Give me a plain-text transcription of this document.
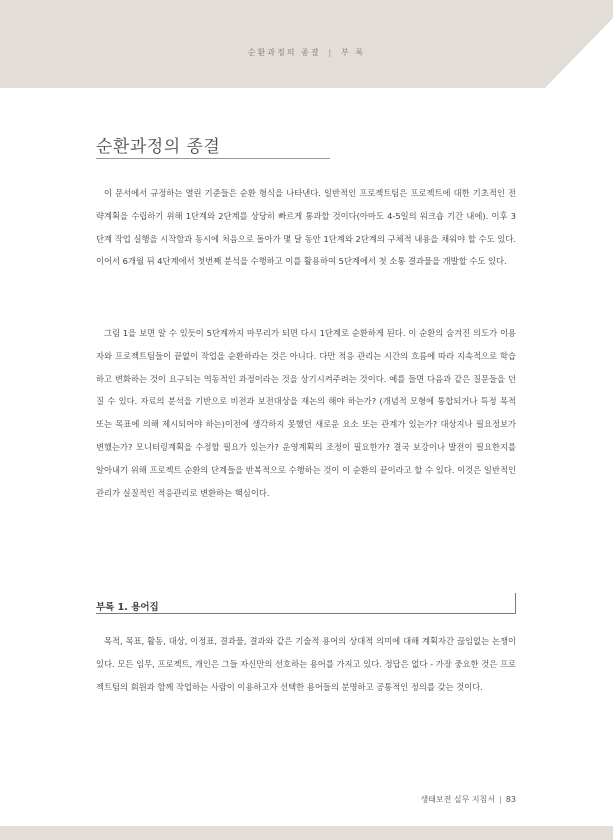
순환과정의 종결 | 부 록
순환과정의 종결

이 문서에서 규정하는 열린 기준들은 순환 형식을 나타낸다. 일반적인 프로젝트팀은 프로젝트에 대한 기초적인 전략계획을 수립하기 위해 1단계와 2단계를 상당히 빠르게 통과할 것이다(아마도 4-5일의 워크숍 기간 내에). 이후 3단계 작업 실행을 시작함과 동시에 처음으로 돌아가 몇 달 동안 1단계와 2단계의 구체적 내용을 채워야 할 수도 있다. 이어서 6개월 뒤 4단계에서 첫번째 분석을 수행하고 이를 활용하여 5단계에서 첫 소통 결과물을 개발할 수도 있다.

그림 1을 보면 알 수 있듯이 5단계까지 마무리가 되면 다시 1단계로 순환하게 된다. 이 순환의 숨겨진 의도가 이용자와 프로젝트팀들이 끝없이 작업을 순환하라는 것은 아니다. 다만 적응 관리는 시간의 흐름에 따라 지속적으로 학습하고 변화하는 것이 요구되는 역동적인 과정이라는 것을 상기시켜주려는 것이다. 예를 들면 다음과 같은 질문들을 던질 수 있다. 자료의 분석을 기반으로 비전과 보전대상을 재논의 해야 하는가? (개념적 모형에 통합되거나 특정 목적 또는 목표에 의해 제시되어야 하는)이전에 생각하지 못했던 새로운 요소 또는 관계가 있는가? 대상지나 필요정보가 변했는가? 모니터링계획을 수정할 필요가 있는가? 운영계획의 조정이 필요한가? 결국 보강이나 발전이 필요한지를 알아내기 위해 프로젝트 순환의 단계들을 반복적으로 수행하는 것이 이 순환의 끝이라고 할 수 있다. 이것은 일반적인 관리가 실질적인 적응관리로 변환하는 핵심이다.

부록 1. 용어집

목적, 목표, 활동, 대상, 이정표, 결과물, 결과와 같은 기술적 용어의 상대적 의미에 대해 계획자간 끊임없는 논쟁이 있다. 모든 임무, 프로젝트, 개인은 그들 자신만의 선호하는 용어를 가지고 있다. 정답은 없다 - 가장 중요한 것은 프로젝트팀의 회원과 함께 작업하는 사람이 이용하고자 선택한 용어들의 분명하고 공통적인 정의를 갖는 것이다.

생태보전 실무 지침서 | 83
